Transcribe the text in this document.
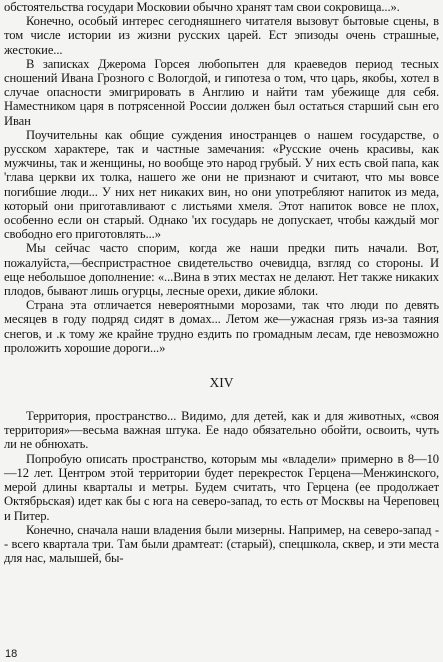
обстоятельства государи Московии обычно хранят там свои сокровища...».

Конечно, особый интерес сегодняшнего читателя вызовут бытовые сцены, в том числе истории из жизни русских царей. Ест эпизоды очень страшные, жестокие...

В записках Джерома Горсея любопытен для краеведов период тесных сношений Ивана Грозного с Вологдой, и гипотеза о том, что царь, якобы, хотел в случае опасности эмигрировать в Англию и найти там убежище для себя. Наместником царя в потрясенной России должен был остаться старший сын его Иван

Поучительны как общие суждения иностранцев о нашем государстве, о русском характере, так и частные замечания: «Русские очень красивы, как мужчины, так и женщины, но вообще это народ грубый. У них есть свой папа, как 'глава церкви их толка, нашего же они не признают и считают, что мы вовсе погибшие люди... У них нет никаких вин, но они употребляют напиток из меда, который они приготавливают с листьями хмеля. Этот напиток вовсе не плох, особенно если он старый. Однако 'их государь не допускает, чтобы каждый мог свободно его приготовлять...»

Мы сейчас часто спорим, когда же наши предки пить начали. Вот, пожалуйста,—беспристрастное свидетельство очевидца, взгляд со стороны. И еще небольшое дополнение: «...Вина в этих местах не делают. Нет также никаких плодов, бывают лишь огурцы, лесные орехи, дикие яблоки.

Страна эта отличается невероятными морозами, так что люди по девять месяцев в году подряд сидят в домах... Летом же—ужасная грязь из-за таяния снегов, и .к тому же крайне трудно ездить по громадным лесам, где невозможно проложить хорошие дороги...»

XIV

Территория, пространство... Видимо, для детей, как и для животных, «своя территория»—весьма важная штука. Ее надо обязательно обойти, освоить, чуть ли не обнюхать.

Попробую описать пространство, которым мы «владели» примерно в 8—10—12 лет. Центром этой территории будет перекресток Герцена—Менжинского, мерой длины кварталы и метры. Будем считать, что Герцена (ее продолжает Октябрьская) идет как бы с юга на северо-запад, то есть от Москвы на Череповец и Питер.

Конечно, сначала наши владения были мизерны. Например, на северо-запад -- всего квартала три. Там были драмтеат: (старый), спецшкола, сквер, и эти места для нас, малышей, бы-

18
